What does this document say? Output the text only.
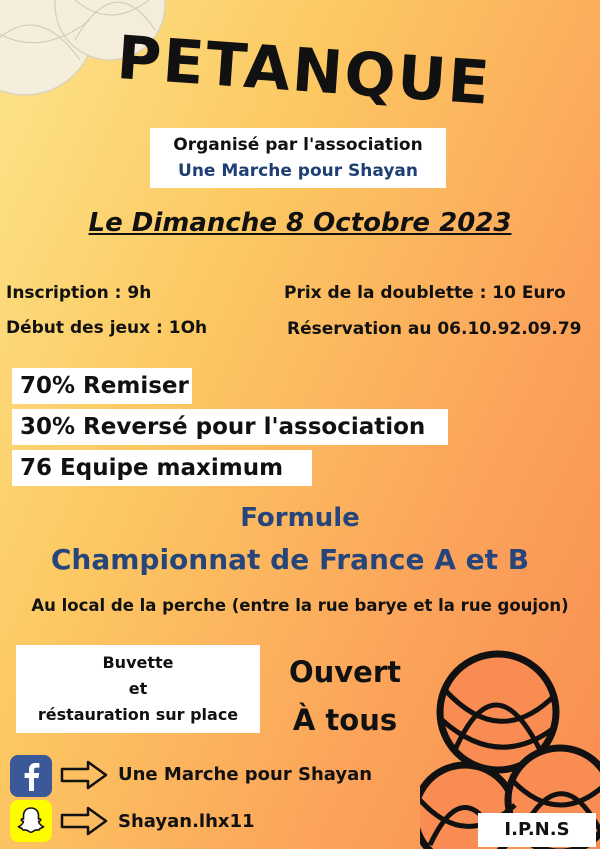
PETANQUE
Organisé par l'association
Une Marche pour Shayan
Le Dimanche 8 Octobre 2023
Inscription : 9h
Début des jeux : 1Oh
Prix de la doublette : 10 Euro
Réservation au 06.10.92.09.79
70% Remiser
30% Reversé pour l'association
76 Equipe maximum
Formule
Championnat de France A et B
Au local de la perche (entre la rue barye et la rue goujon)
Buvette
et
réstauration sur place
Ouvert
À tous
Une Marche pour Shayan
Shayan.lhx11	I.P.N.S
